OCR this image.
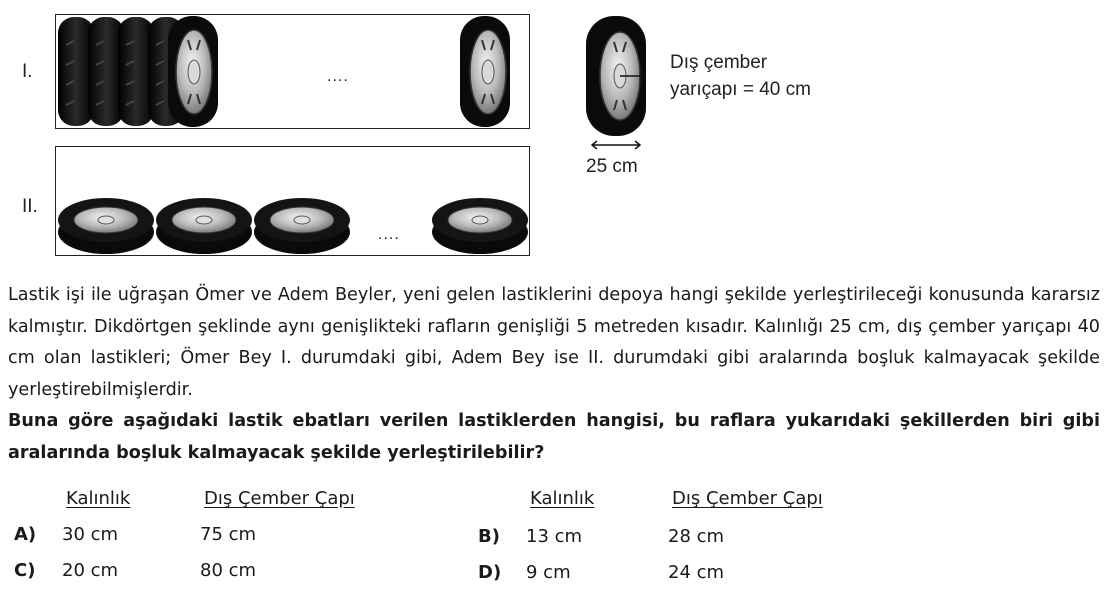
I.	....
Dış çember
yarıçapı = 40 cm
25 cm
II.
....
Lastik işi ile uğraşan Ömer ve Adem Beyler, yeni gelen lastiklerini depoya hangi şekilde yerleştirileceği konusunda kararsız kalmıştır. Dikdörtgen şeklinde aynı genişlikteki rafların genişliği 5 metreden kısadır. Kalınlığı 25 cm, dış çember yarıçapı 40 cm olan lastikleri; Ömer Bey I. durumdaki gibi, Adem Bey ise II. durumdaki gibi aralarında boşluk kalmayacak şekilde yerleştirebilmişlerdir.
Buna göre aşağıdaki lastik ebatları verilen lastiklerden hangisi, bu raflara yukarıdaki şekillerden biri gibi aralarında boşluk kalmayacak şekilde yerleştirilebilir?
Kalınlık	Dış Çember Çapı	Kalınlık	Dış Çember Çapı
A) 30 cm	75 cm	B) 13 cm	28 cm
C) 20 cm	80 cm	D) 9 cm	24 cm
